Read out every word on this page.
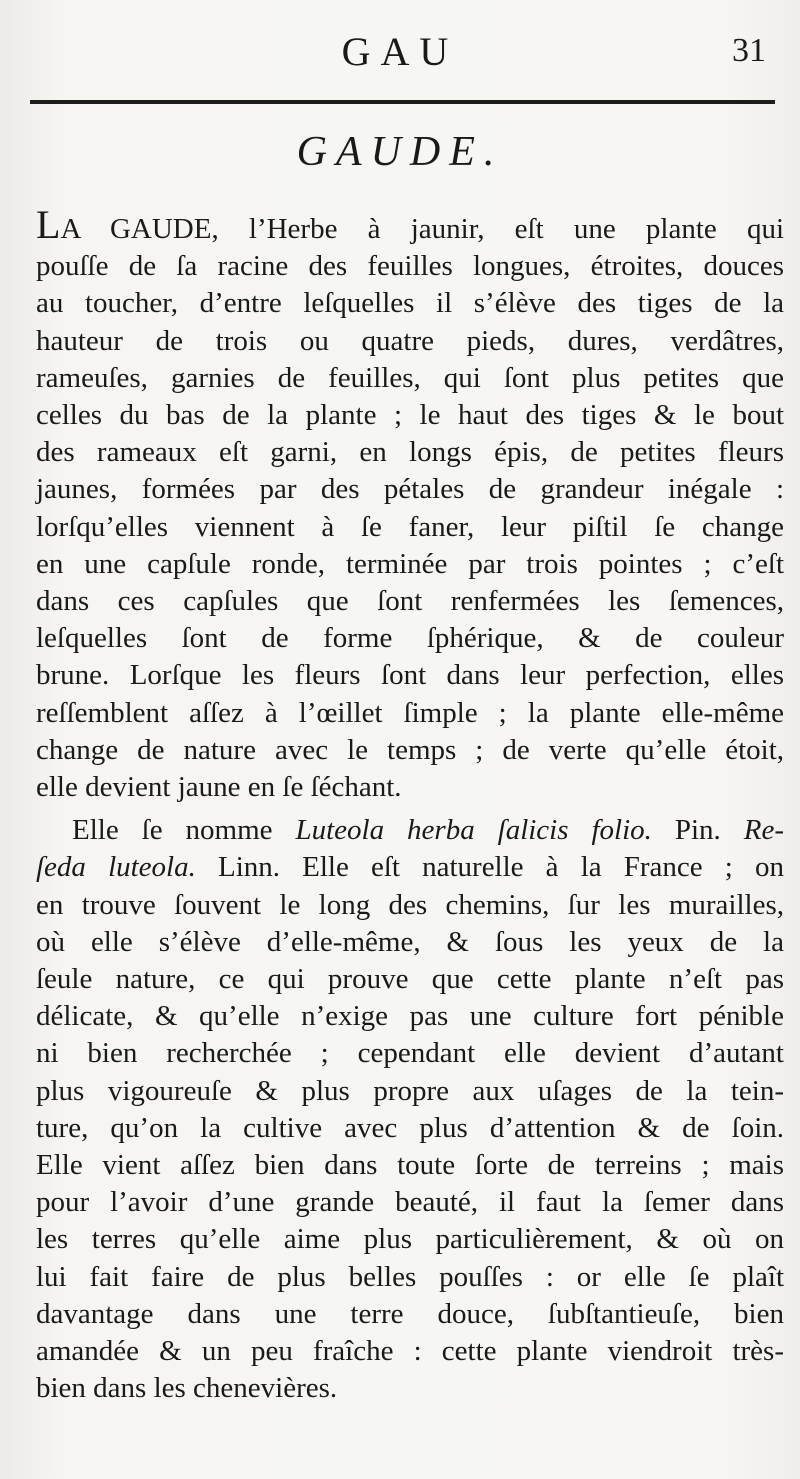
GAU	31
GAUDE.
LA GAUDE, l’Herbe à jaunir, eſt une plante qui
pouſſe de ſa racine des feuilles longues, étroites, douces
au toucher, d’entre leſquelles il s’élève des tiges de la
hauteur de trois ou quatre pieds, dures, verdâtres,
rameuſes, garnies de feuilles, qui ſont plus petites que
celles du bas de la plante ; le haut des tiges & le bout
des rameaux eſt garni, en longs épis, de petites fleurs
jaunes, formées par des pétales de grandeur inégale :
lorſqu’elles viennent à ſe faner, leur piſtil ſe change
en une capſule ronde, terminée par trois pointes ; c’eſt
dans ces capſules que ſont renfermées les ſemences,
leſquelles ſont de forme ſphérique, & de couleur
brune. Lorſque les fleurs ſont dans leur perfection, elles
reſſemblent aſſez à l’œillet ſimple ; la plante elle-même
change de nature avec le temps ; de verte qu’elle étoit,
elle devient jaune en ſe ſéchant.
Elle ſe nomme Luteola herba ſalicis folio. Pin. Re-
ſeda luteola. Linn. Elle eſt naturelle à la France ; on
en trouve ſouvent le long des chemins, ſur les murailles,
où elle s’élève d’elle-même, & ſous les yeux de la
ſeule nature, ce qui prouve que cette plante n’eſt pas
délicate, & qu’elle n’exige pas une culture fort pénible
ni bien recherchée ; cependant elle devient d’autant
plus vigoureuſe & plus propre aux uſages de la tein-
ture, qu’on la cultive avec plus d’attention & de ſoin.
Elle vient aſſez bien dans toute ſorte de terreins ; mais
pour l’avoir d’une grande beauté, il faut la ſemer dans
les terres qu’elle aime plus particulièrement, & où on
lui fait faire de plus belles pouſſes : or elle ſe plaît
davantage dans une terre douce, ſubſtantieuſe, bien
amandée & un peu fraîche : cette plante viendroit très-
bien dans les chenevières.
